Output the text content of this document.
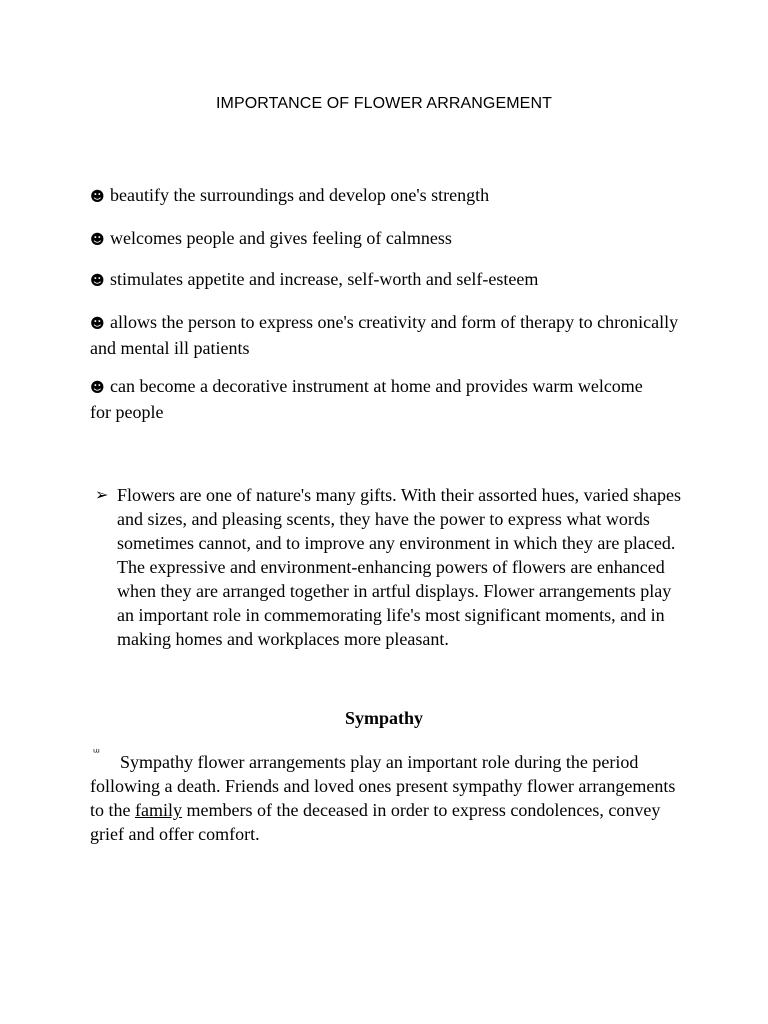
IMPORTANCE OF FLOWER ARRANGEMENT
☻ beautify the surroundings and develop one's strength
☻ welcomes people and gives feeling of calmness
☻ stimulates appetite and increase, self-worth and self-esteem
☻ allows the person to express one's creativity and form of therapy to chronically and mental ill patients
☻ can become a decorative instrument at home and provides warm welcome for people
➢ Flowers are one of nature's many gifts. With their assorted hues, varied shapes and sizes, and pleasing scents, they have the power to express what words sometimes cannot, and to improve any environment in which they are placed. The expressive and environment-enhancing powers of flowers are enhanced when they are arranged together in artful displays. Flower arrangements play an important role in commemorating life's most significant moments, and in making homes and workplaces more pleasant.
Sympathy
ᵚ	Sympathy flower arrangements play an important role during the period following a death. Friends and loved ones present sympathy flower arrangements to the family members of the deceased in order to express condolences, convey grief and offer comfort.
